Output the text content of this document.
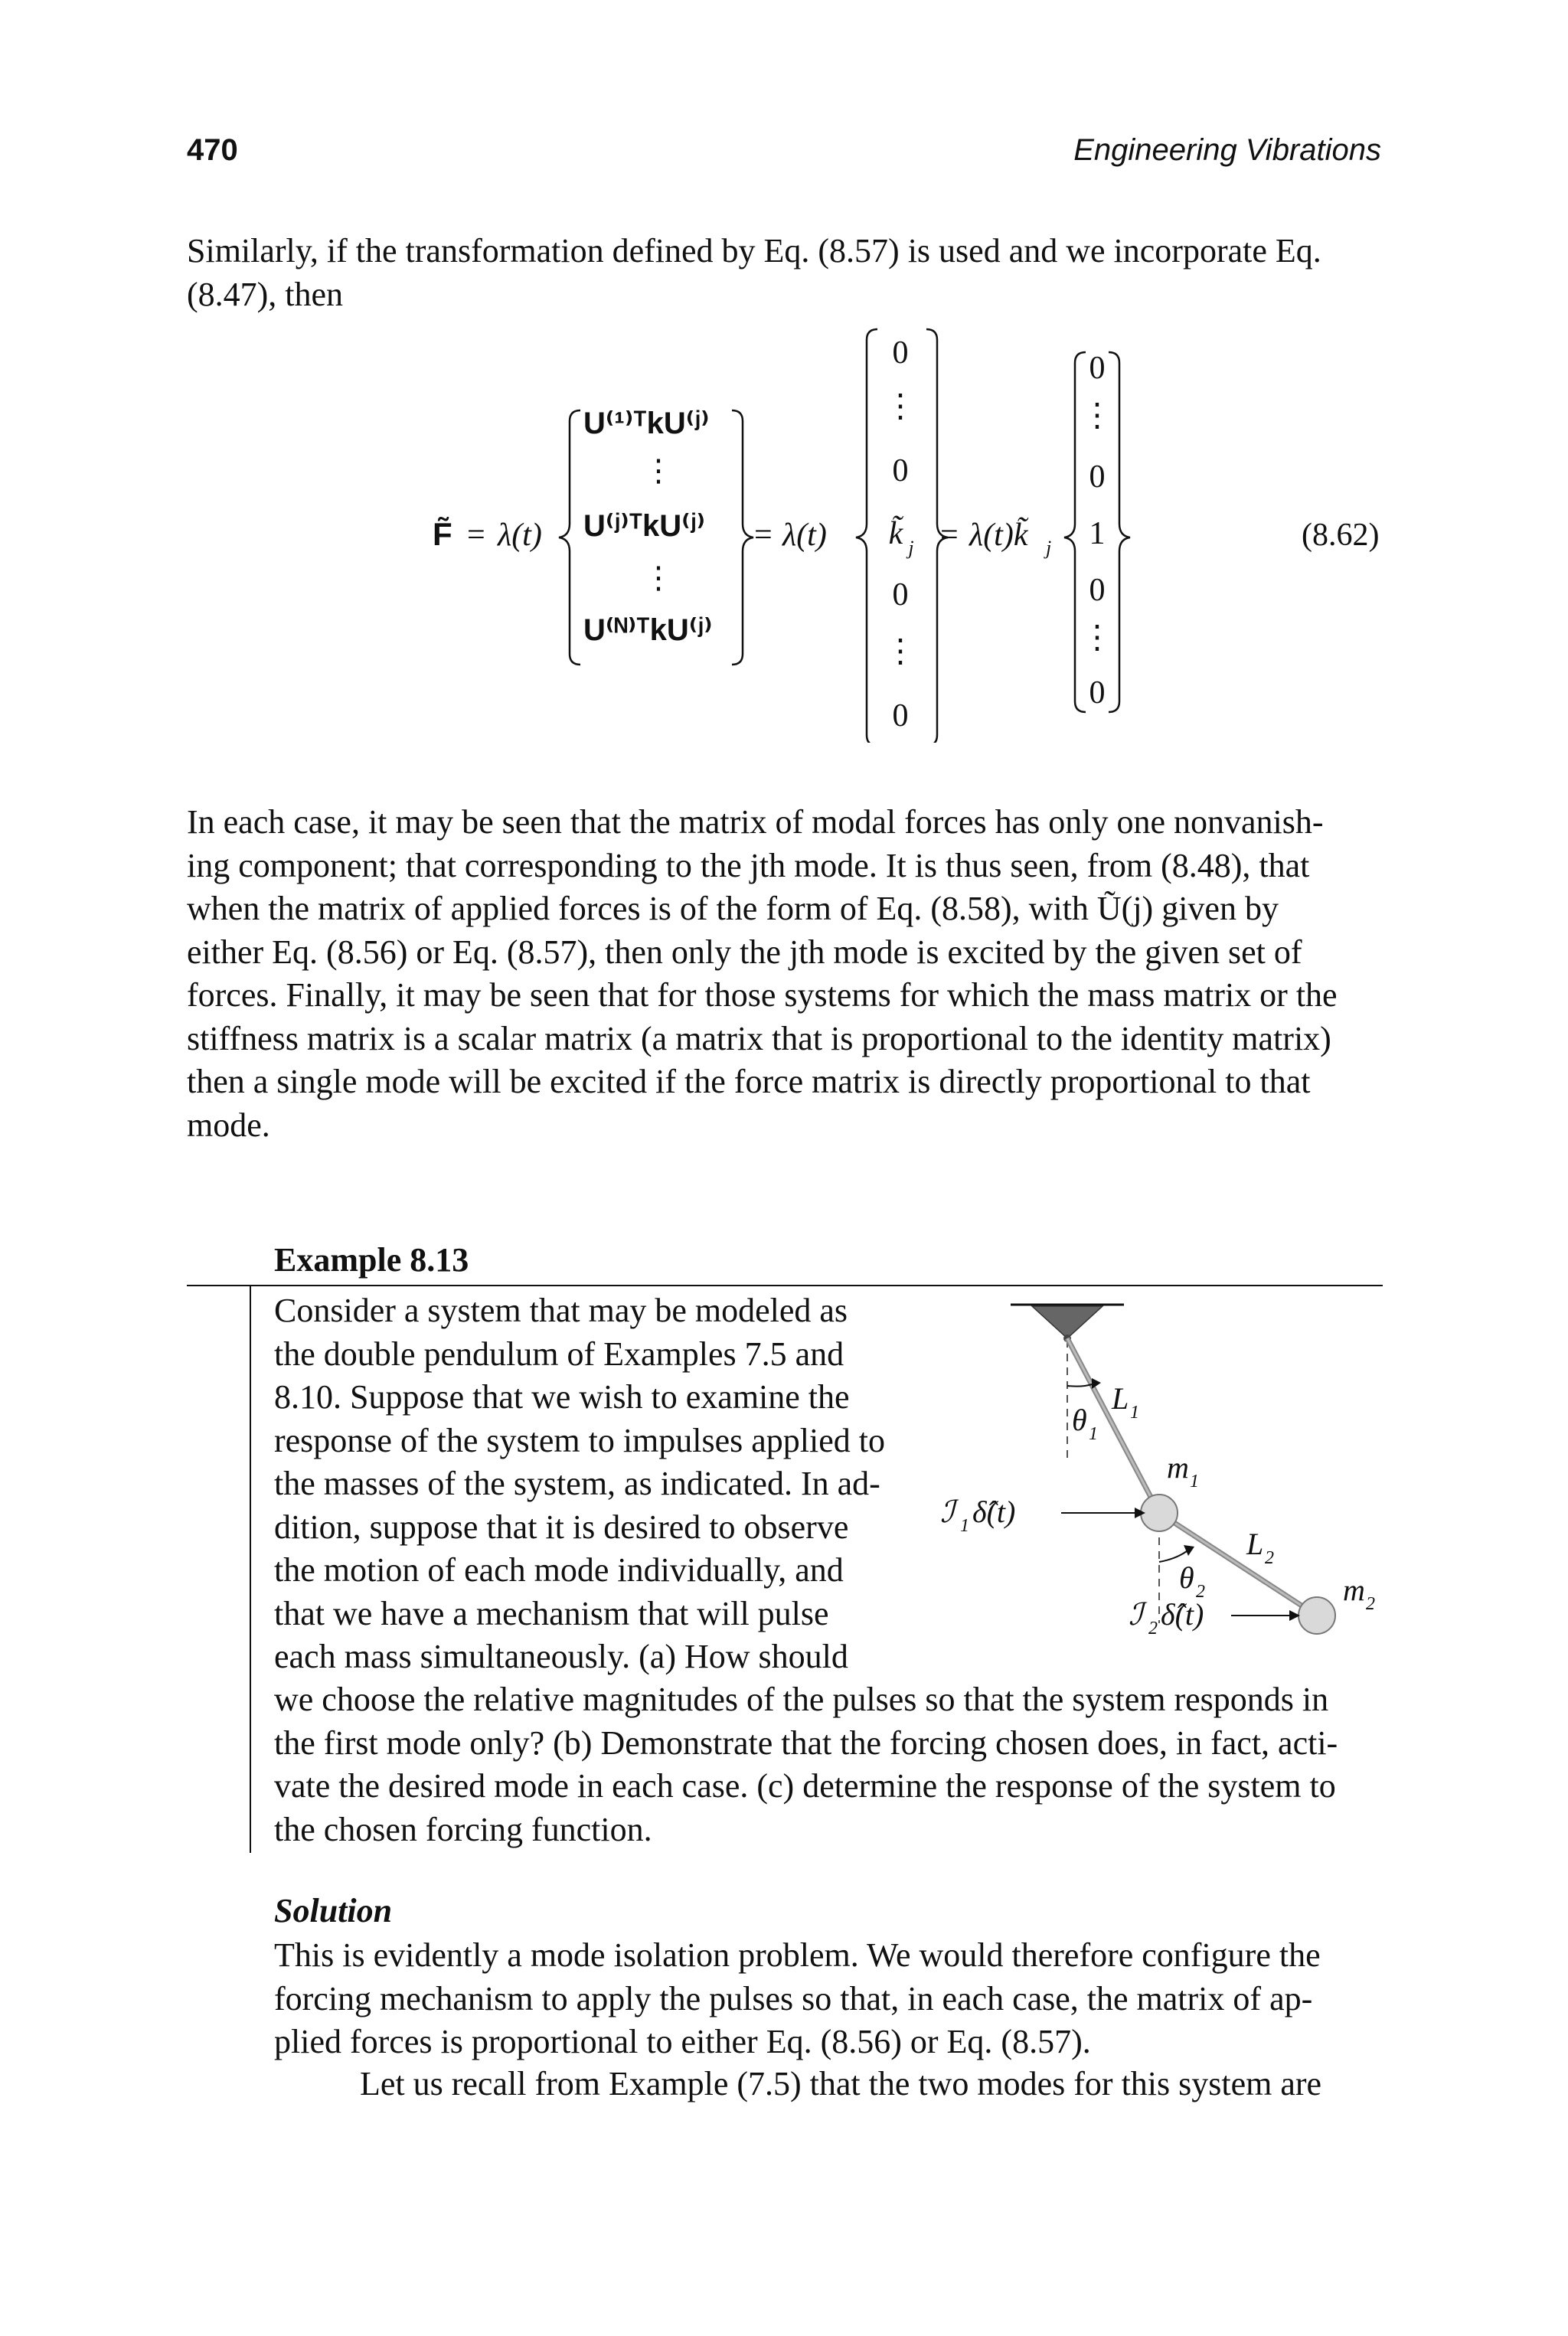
470	Engineering Vibrations

Similarly, if the transformation defined by Eq. (8.57) is used and we incorporate Eq.

(8.47), then

F̃ = λ(t)
U⁽¹⁾ᵀkU⁽ʲ⁾
⋮
U⁽ʲ⁾ᵀkU⁽ʲ⁾
⋮
U⁽ᴺ⁾ᵀkU⁽ʲ⁾
= λ(t)
0
⋮
0
k̃ j
0
⋮
0
= λ(t)k̃ j
0
⋮
0
1
0
⋮
0
(8.62)

In each case, it may be seen that the matrix of modal forces has only one nonvanish-

ing component; that corresponding to the jth mode. It is thus seen, from (8.48), that

when the matrix of applied forces is of the form of Eq. (8.58), with Ũ(j) given by

either Eq. (8.56) or Eq. (8.57), then only the jth mode is excited by the given set of

forces. Finally, it may be seen that for those systems for which the mass matrix or the

stiffness matrix is a scalar matrix (a matrix that is proportional to the identity matrix)

then a single mode will be excited if the force matrix is directly proportional to that

mode.

Example 8.13

Consider a system that may be modeled as

the double pendulum of Examples 7.5 and

8.10. Suppose that we wish to examine the

response of the system to impulses applied to

the masses of the system, as indicated. In ad-

dition, suppose that it is desired to observe

the motion of each mode individually, and

that we have a mechanism that will pulse

each mass simultaneously. (a) How should

we choose the relative magnitudes of the pulses so that the system responds in

the first mode only? (b) Demonstrate that the forcing chosen does, in fact, acti-

vate the desired mode in each case. (c) determine the response of the system to

the chosen forcing function.

L 1
θ 1
m 1
L 2
θ 2	m 2
ℐ 1 δ̂(t)
ℐ 2 δ̂(t)
Solution

This is evidently a mode isolation problem. We would therefore configure the

forcing mechanism to apply the pulses so that, in each case, the matrix of ap-

plied forces is proportional to either Eq. (8.56) or Eq. (8.57).

Let us recall from Example (7.5) that the two modes for this system are
